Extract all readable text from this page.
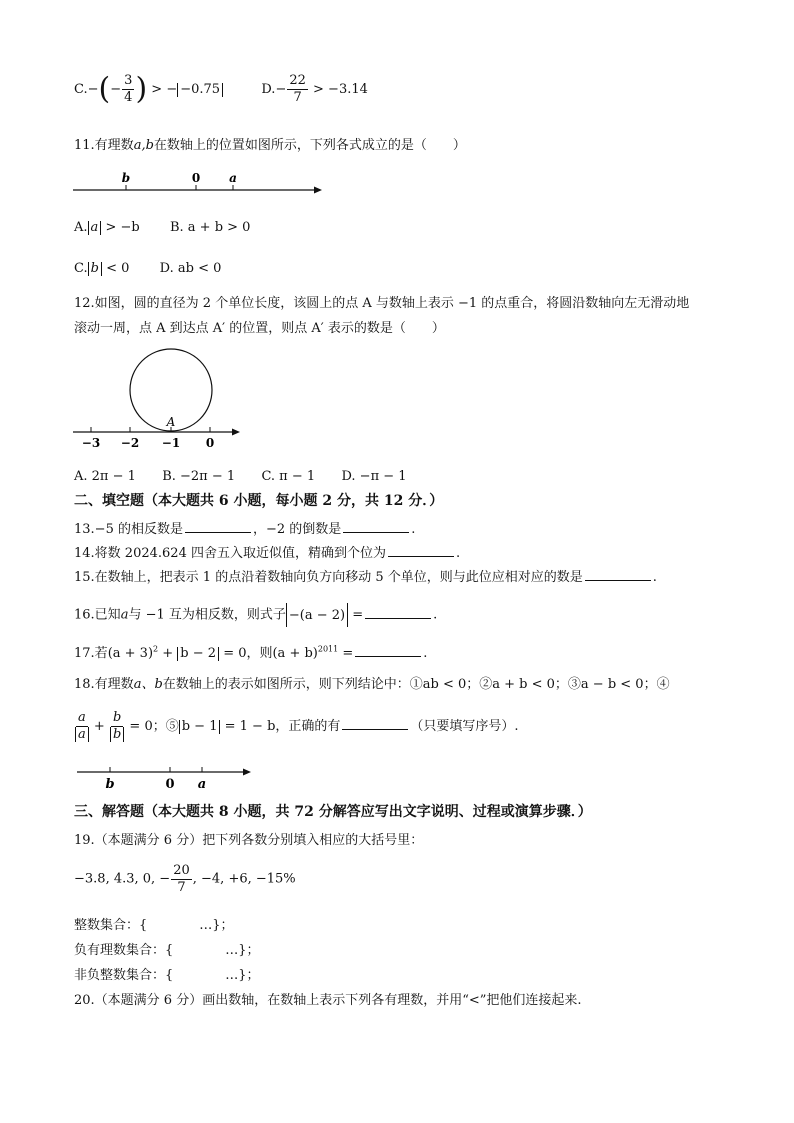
$C.-(- \frac{3}{4}$ ) > − −0.75	$D.- \frac{22}{7} > -3.14$
11.有理数a,b在数轴上的位置如图所示，下列各式成立的是（　　）
b	0 a
A. a > −b B. a + b > 0
C. b < 0 D. ab < 0
12.如图，圆的直径为 2 个单位长度，该圆上的点 A 与数轴上表示 −1 的点重合，将圆沿数轴向左无滑动地
滚动一周，点 A 到达点 A′ 的位置，则点 A′ 表示的数是（　　）
A
−3 −2 −1 0
A. 2π − 1 B. −2π − 1 C. π − 1 D. −π − 1
二、填空题（本大题共 6 小题，每小题 2 分，共 12 分．）
13.−5 的相反数是	，−2 的倒数是	.
14.将数 2024.624 四舍五入取近似值，精确到个位为	.
15.在数轴上，把表示 1 的点沿着数轴向负方向移动 5 个单位，则与此位应相对应的数是	.
16.已知a与 −1 互为相反数，则式子 −(a − 2) =	.
17.若$(a + 3)^2 + b - 2 = 0$，则$(a + b)^{2011}$ =	.
18.有理数a、b在数轴上的表示如图所示，则下列结论中：①ab < 0；②a + b < 0；③a − b < 0；④
$\frac{a}{a} + \frac{b}{b} = 0$；⑤ b − 1 = 1 − b，正确的有	（只要填写序号）.
b	0 a
三、解答题（本大题共 8 小题，共 72 分解答应写出文字说明、过程或演算步骤．）
19.（本题满分 6 分）把下列各数分别填入相应的大括号里：
−3.8, 4.3, 0, − $\frac{20}{7}$ , −4, +6, −15%
整数集合：{　　　　…}；
负有理数集合：{　　　　…}；
非负整数集合：{　　　　…}；
20.（本题满分 6 分）画出数轴，在数轴上表示下列各有理数，并用“<”把他们连接起来.
